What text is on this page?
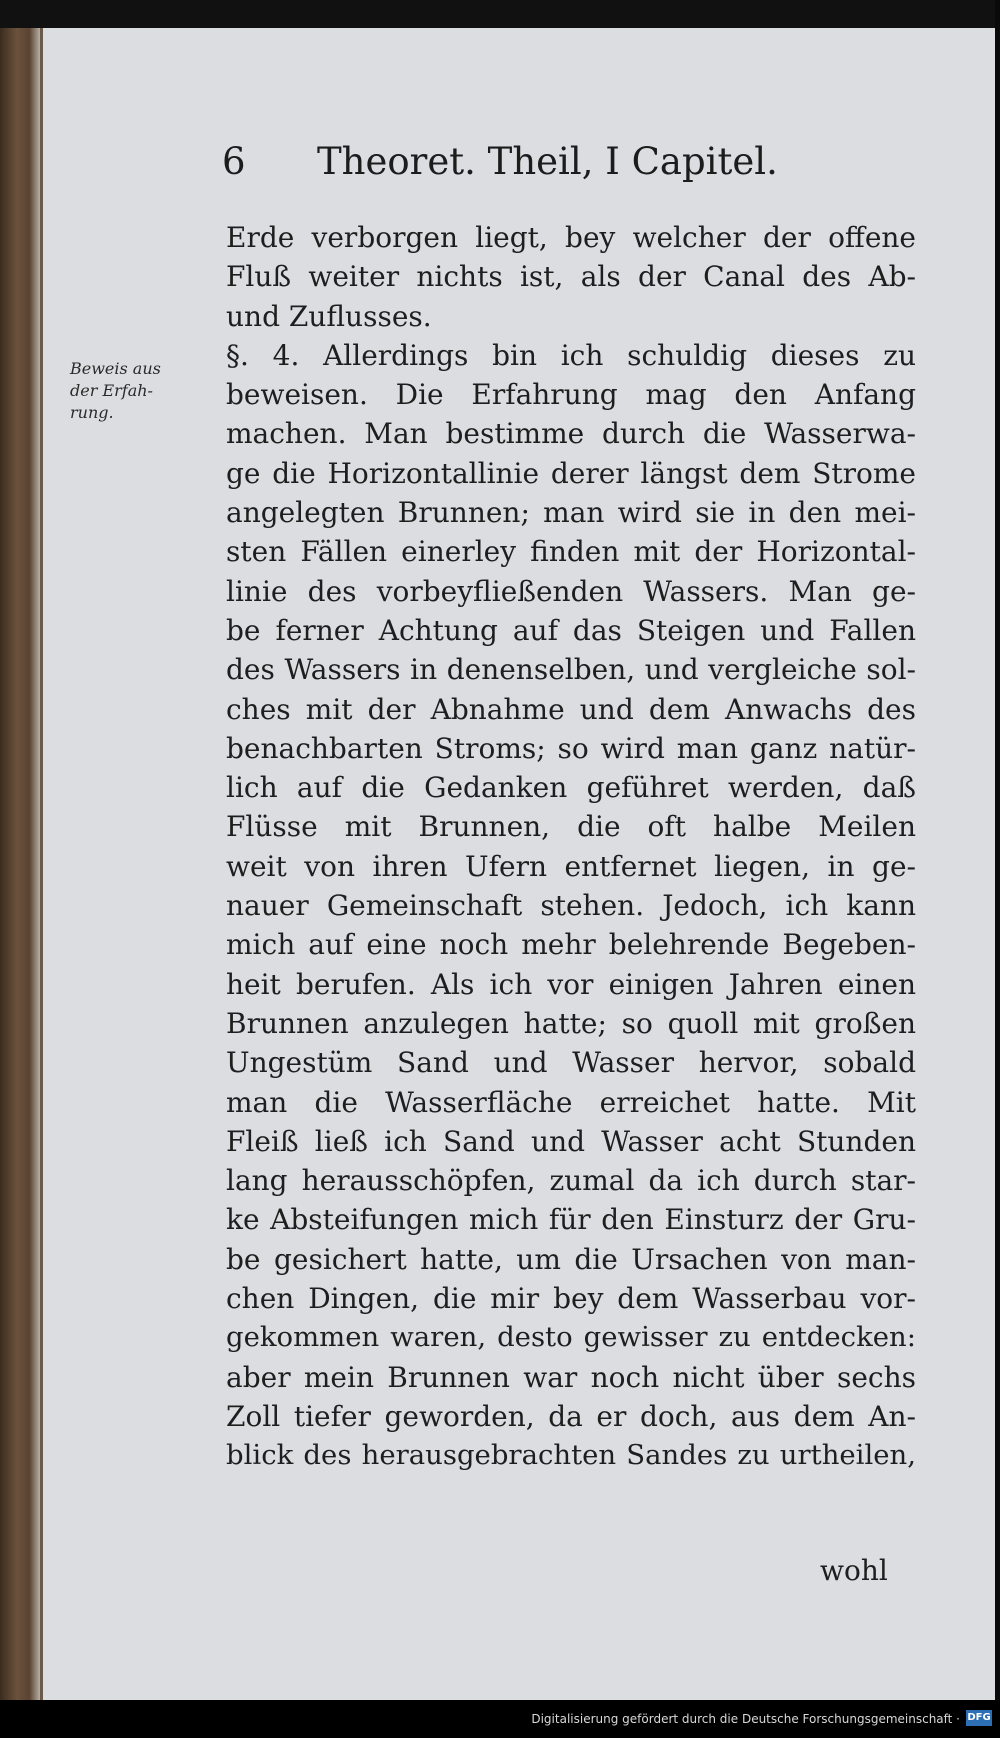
6 Theoret. Theil, I Capitel.
Beweis aus
der Erfah-
rung.
Erde verborgen liegt, bey welcher der offene
Fluß weiter nichts ist, als der Canal des Ab-
und Zuflusses.
§. 4. Allerdings bin ich schuldig dieses zu
beweisen. Die Erfahrung mag den Anfang
machen. Man bestimme durch die Wasserwa-
ge die Horizontallinie derer längst dem Strome
angelegten Brunnen; man wird sie in den mei-
sten Fällen einerley finden mit der Horizontal-
linie des vorbeyfließenden Wassers. Man ge-
be ferner Achtung auf das Steigen und Fallen
des Wassers in denenselben, und vergleiche sol-
ches mit der Abnahme und dem Anwachs des
benachbarten Stroms; so wird man ganz natür-
lich auf die Gedanken geführet werden, daß
Flüsse mit Brunnen, die oft halbe Meilen
weit von ihren Ufern entfernet liegen, in ge-
nauer Gemeinschaft stehen. Jedoch, ich kann
mich auf eine noch mehr belehrende Begeben-
heit berufen. Als ich vor einigen Jahren einen
Brunnen anzulegen hatte; so quoll mit großen
Ungestüm Sand und Wasser hervor, sobald
man die Wasserfläche erreichet hatte. Mit
Fleiß ließ ich Sand und Wasser acht Stunden
lang herausschöpfen, zumal da ich durch star-
ke Absteifungen mich für den Einsturz der Gru-
be gesichert hatte, um die Ursachen von man-
chen Dingen, die mir bey dem Wasserbau vor-
gekommen waren, desto gewisser zu entdecken:
aber mein Brunnen war noch nicht über sechs
Zoll tiefer geworden, da er doch, aus dem An-
blick des herausgebrachten Sandes zu urtheilen,
wohl
Digitalisierung gefördert durch die Deutsche Forschungsgemeinschaft · DFG
